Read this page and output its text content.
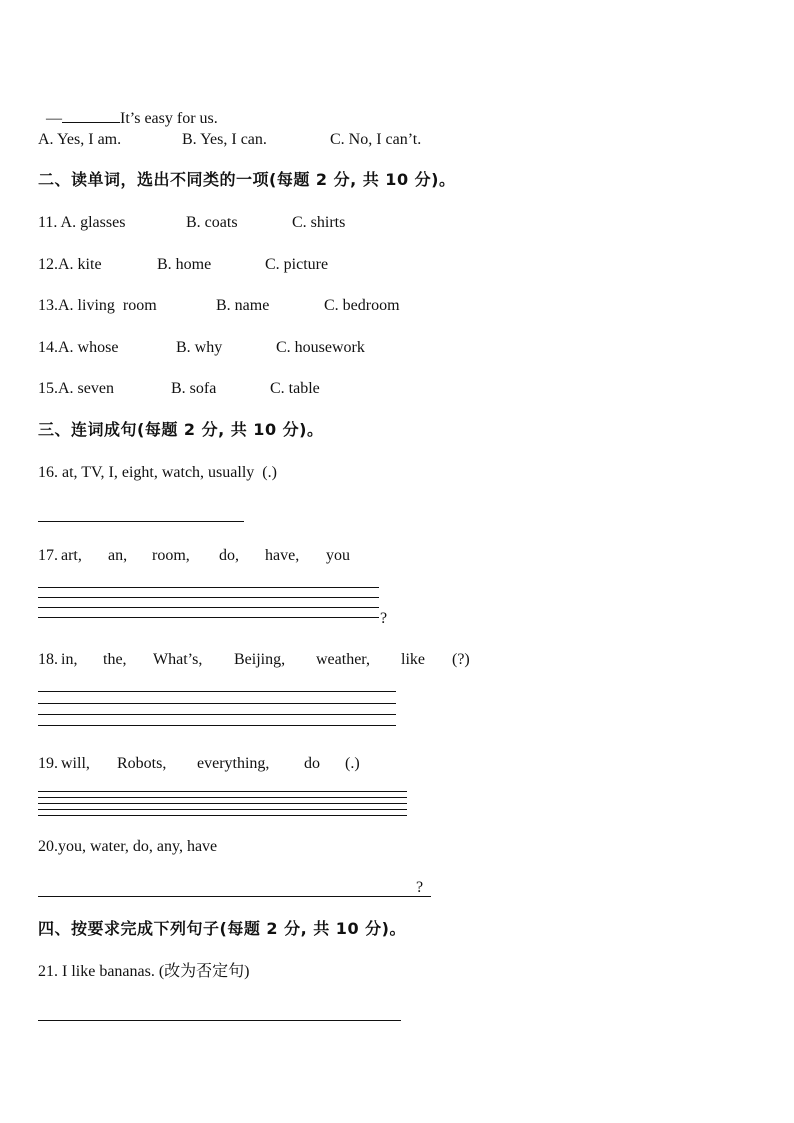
—	It’s easy for us.

A. Yes, I am.	B. Yes, I can.	C. No, I can’t.
二、读单词，选出不同类的一项(每题 2 分, 共 10 分)。
11. A. glasses	B. coats	C. shirts
12.A. kite	B. home	C. picture
13.A. living  room	B. name	C. bedroom
14.A. whose	B. why	C. housework
15.A. seven	B. sofa	C. table
三、连词成句(每题 2 分, 共 10 分)。
16. at, TV, I, eight, watch, usually  (.)
17. art, an, room, do, have, you
?
18. in, the, What’s, Beijing, weather, like (?)
19. will, Robots, everything, do (.)
20.you, water, do, any, have
?
四、按要求完成下列句子(每题 2 分, 共 10 分)。
21. I like bananas. (改为否定句)
